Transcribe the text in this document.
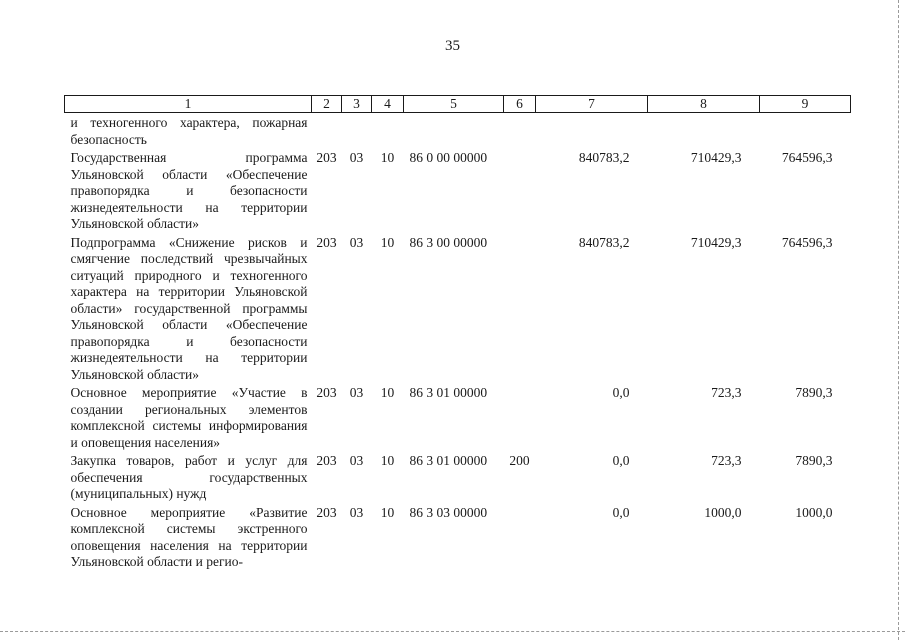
35
1	2	3	4	5	6	7	8	9
и техногенного характера, пожарная безопасность								
Государственная программа Ульяновской области «Обеспечение правопорядка и безопасности жизнедеятельности на территории Ульяновской области»	203	03	10	86 0 00 00000		840783,2	710429,3	764596,3
Подпрограмма «Снижение рисков и смягчение последствий чрезвычайных ситуаций природного и техногенного характера на территории Ульяновской области» государственной программы Ульяновской области «Обеспечение правопорядка и безопасности жизнедеятельности на территории Ульяновской области»	203	03	10	86 3 00 00000		840783,2	710429,3	764596,3
Основное мероприятие «Участие в создании региональных элементов комплексной системы информирования и оповещения населения»	203	03	10	86 3 01 00000		0,0	723,3	7890,3
Закупка товаров, работ и услуг для обеспечения государственных (муниципальных) нужд	203	03	10	86 3 01 00000	200	0,0	723,3	7890,3
Основное мероприятие «Развитие комплексной системы экстренного оповещения населения на территории Ульяновской области и регио-	203	03	10	86 3 03 00000		0,0	1000,0	1000,0
